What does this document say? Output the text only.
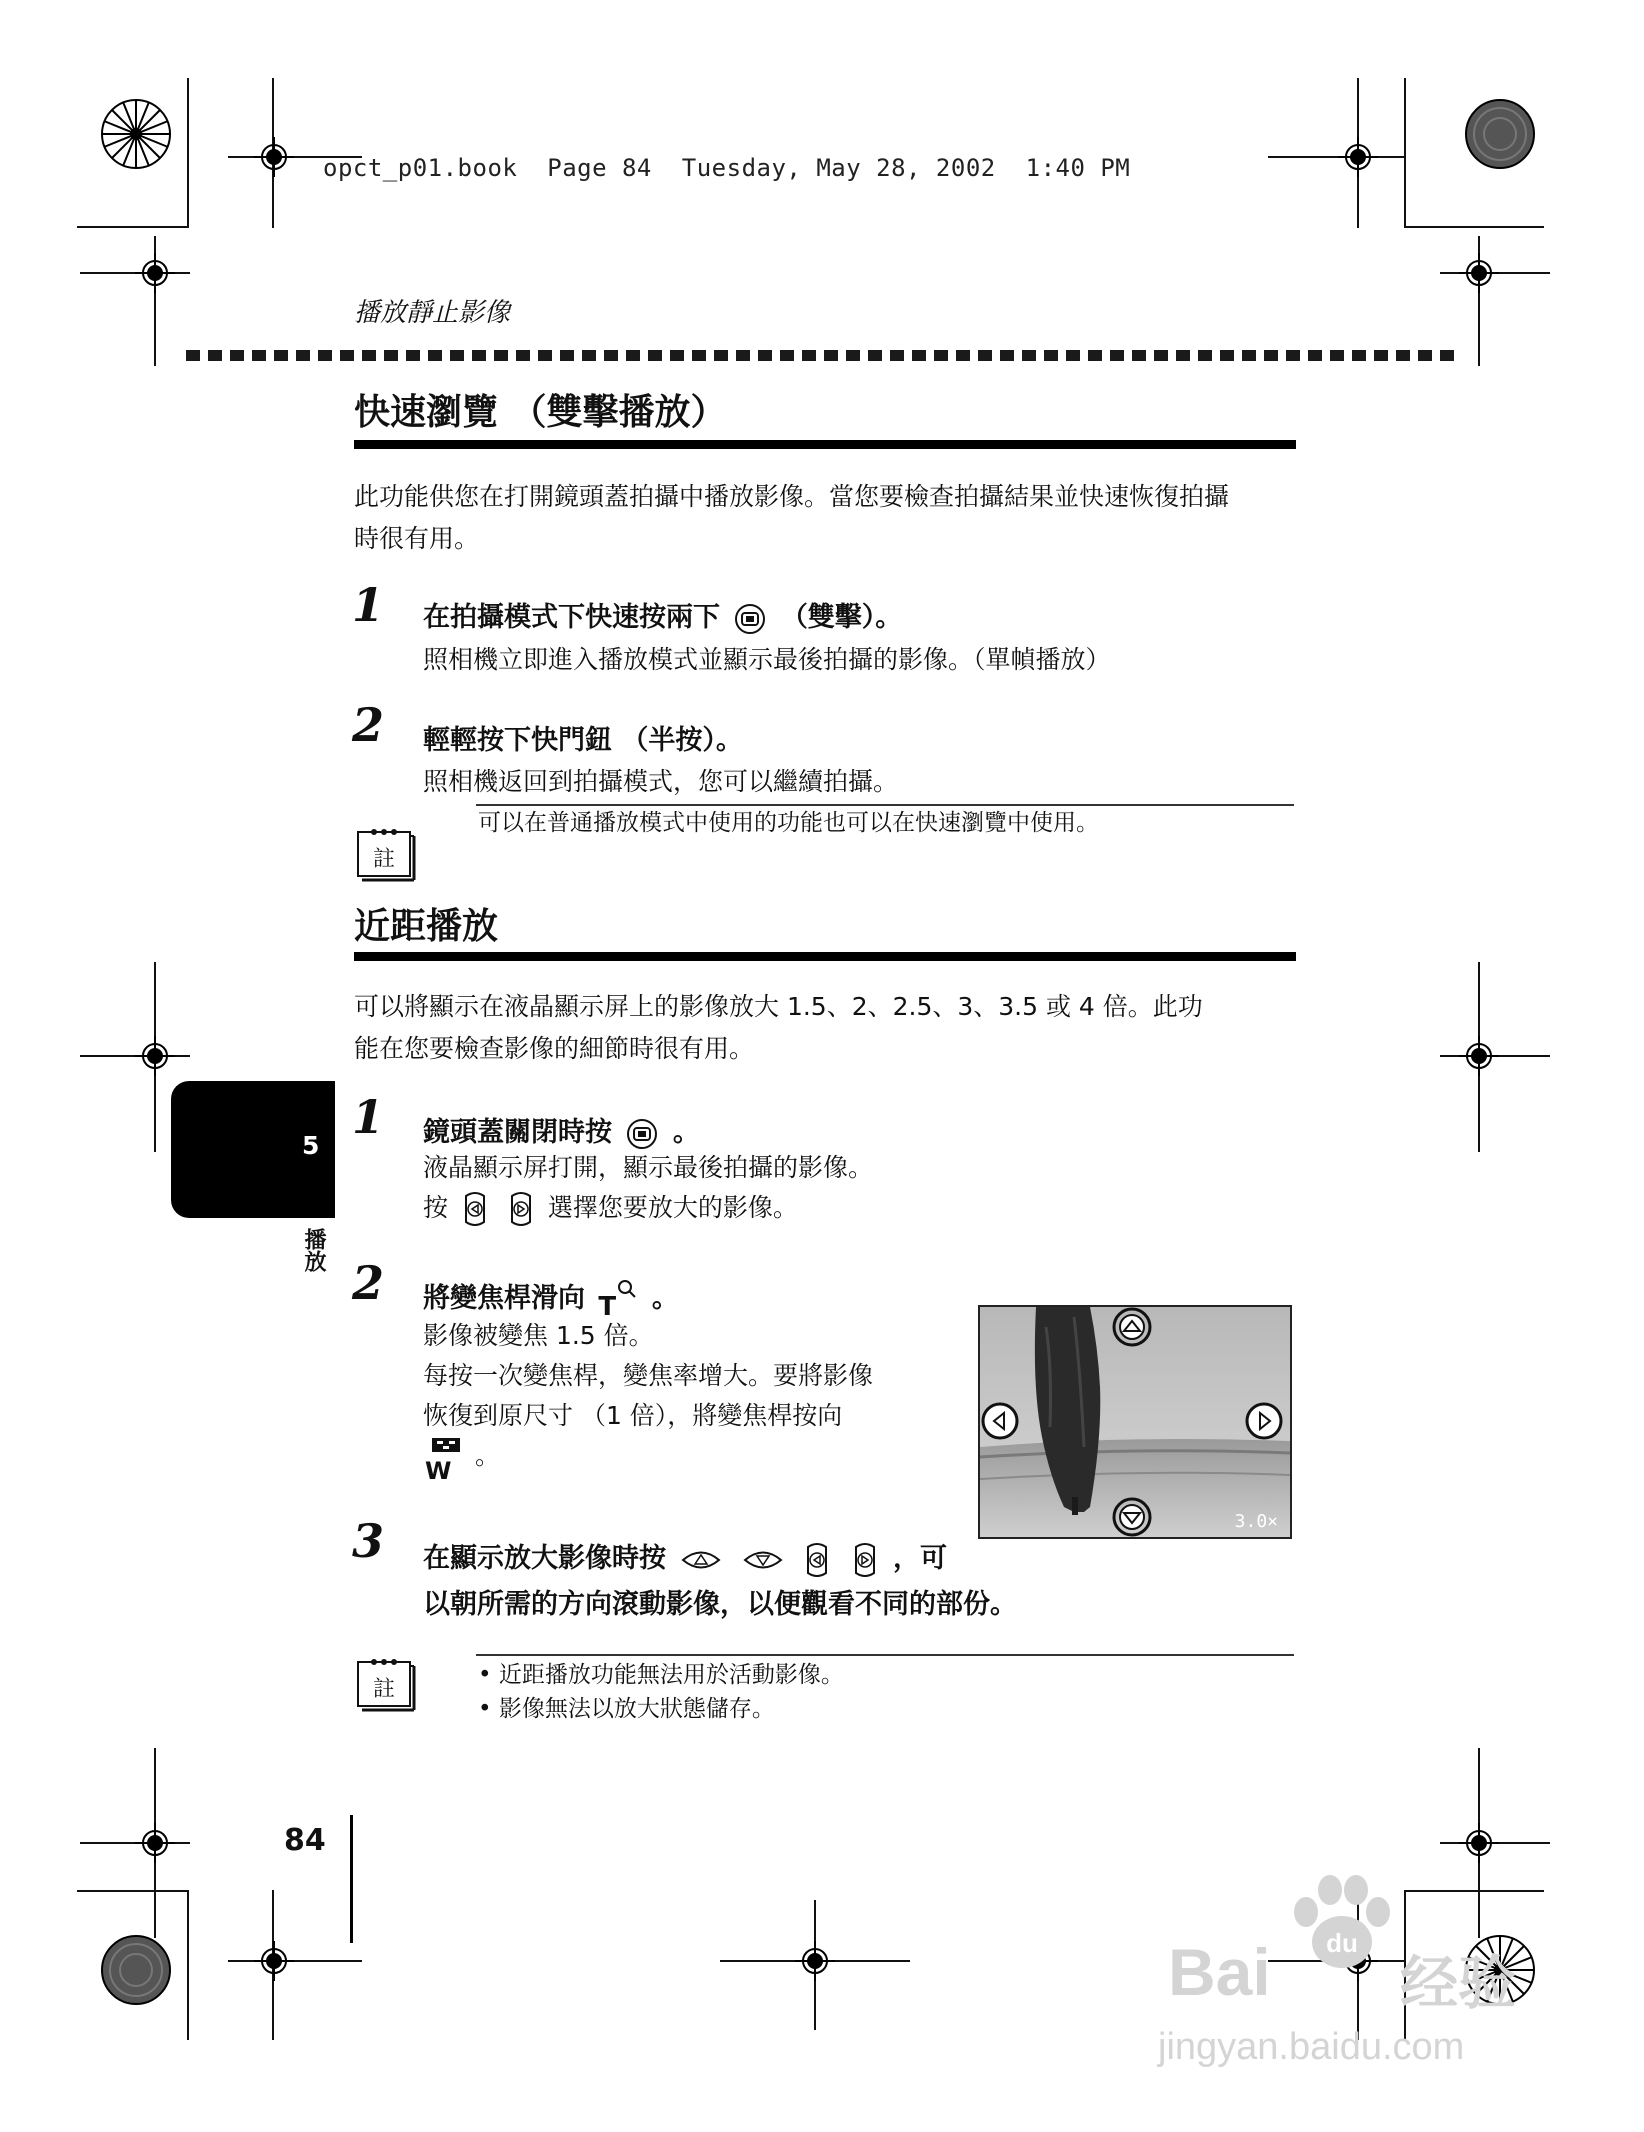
opct_p01.book  Page 84  Tuesday, May 28, 2002  1:40 PM
播放靜止影像
快速瀏覽 （雙擊播放）
此功能供您在打開鏡頭蓋拍攝中播放影像。當您要檢查拍攝結果並快速恢復拍攝
時很有用。
1 在拍攝模式下快速按兩下 （雙擊）。
照相機立即進入播放模式並顯示最後拍攝的影像。（單幀播放）
2 輕輕按下快門鈕 （半按）。
照相機返回到拍攝模式，您可以繼續拍攝。
註
可以在普通播放模式中使用的功能也可以在快速瀏覽中使用。
近距播放
可以將顯示在液晶顯示屏上的影像放大 1.5、2、2.5、3、3.5 或 4 倍。此功
能在您要檢查影像的細節時很有用。
5
播放
1 鏡頭蓋關閉時按 。
液晶顯示屏打開，顯示最後拍攝的影像。
按	選擇您要放大的影像。
2 將變焦桿滑向 T 。
影像被變焦 1.5 倍。
每按一次變焦桿，變焦率增大。要將影像
恢復到原尺寸 （1 倍），將變焦桿按向
W
。
3.0×
3 在顯示放大影像時按	，可
以朝所需的方向滾動影像，以便觀看不同的部份。
註
• 近距播放功能無法用於活動影像。
• 影像無法以放大狀態儲存。
84
Bai du
经验
jingyan.baidu.com
